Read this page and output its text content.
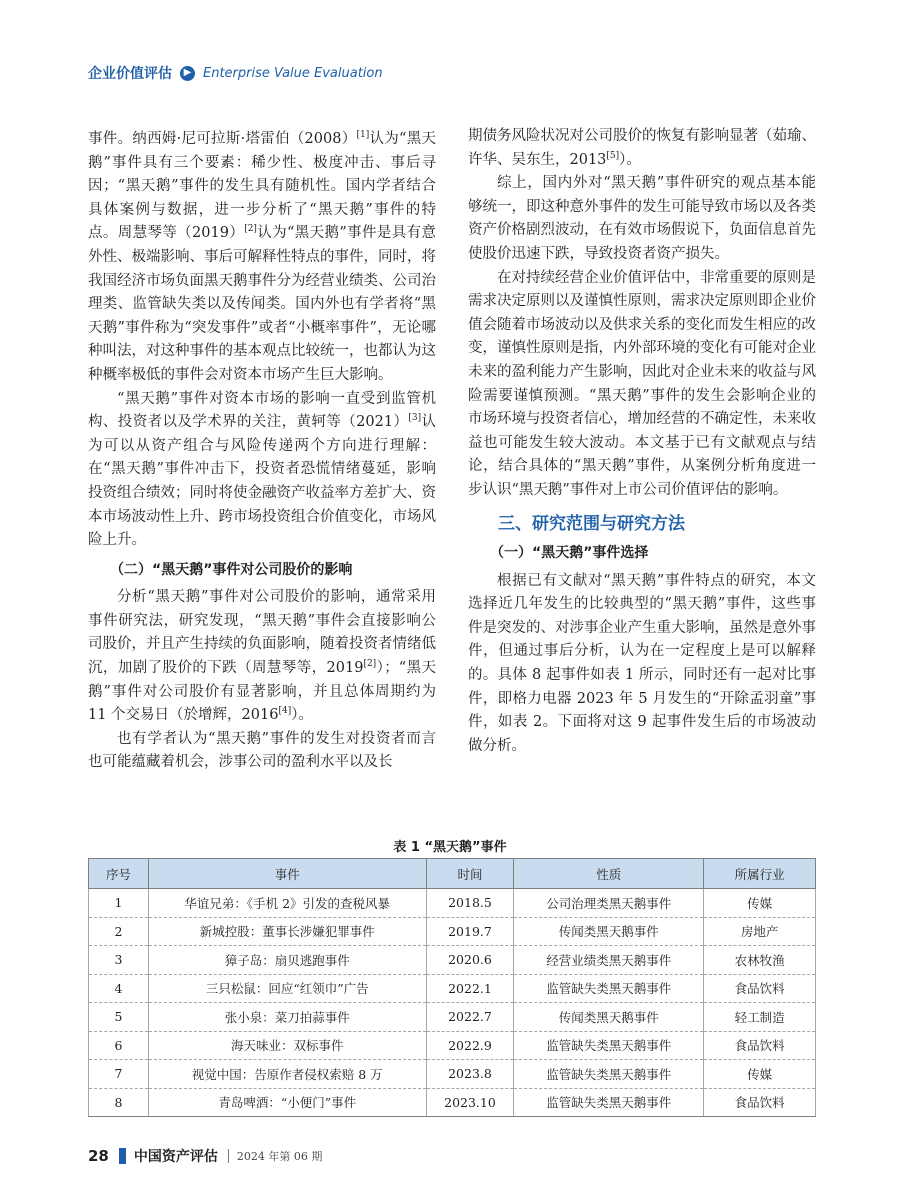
企业价值评估	▶ Enterprise Value Evaluation

事件。纳西姆·尼可拉斯·塔雷伯（2008）[1]认为“黑天鹅”事件具有三个要素：稀少性、极度冲击、事后寻因；“黑天鹅”事件的发生具有随机性。国内学者结合具体案例与数据，进一步分析了“黑天鹅”事件的特点。周慧琴等（2019）[2]认为“黑天鹅”事件是具有意外性、极端影响、事后可解释性特点的事件，同时，将我国经济市场负面黑天鹅事件分为经营业绩类、公司治理类、监管缺失类以及传闻类。国内外也有学者将“黑天鹅”事件称为“突发事件”或者“小概率事件”，无论哪种叫法，对这种事件的基本观点比较统一，也都认为这种概率极低的事件会对资本市场产生巨大影响。

“黑天鹅”事件对资本市场的影响一直受到监管机构、投资者以及学术界的关注，黄轲等（2021）[3]认为可以从资产组合与风险传递两个方向进行理解：在“黑天鹅”事件冲击下，投资者恐慌情绪蔓延，影响投资组合绩效；同时将使金融资产收益率方差扩大、资本市场波动性上升、跨市场投资组合价值变化，市场风险上升。

（二）“黑天鹅”事件对公司股价的影响

分析“黑天鹅”事件对公司股价的影响，通常采用事件研究法，研究发现，“黑天鹅”事件会直接影响公司股价，并且产生持续的负面影响，随着投资者情绪低沉，加剧了股价的下跌（周慧琴等，2019[2]）；“黑天鹅”事件对公司股价有显著影响，并且总体周期约为 11 个交易日（於增辉，2016[4]）。

也有学者认为“黑天鹅”事件的发生对投资者而言也可能蕴藏着机会，涉事公司的盈利水平以及长

期债务风险状况对公司股价的恢复有影响显著（茹瑜、许华、吴东生，2013[5]）。

综上，国内外对“黑天鹅”事件研究的观点基本能够统一，即这种意外事件的发生可能导致市场以及各类资产价格剧烈波动，在有效市场假说下，负面信息首先使股价迅速下跌，导致投资者资产损失。

在对持续经营企业价值评估中，非常重要的原则是需求决定原则以及谨慎性原则，需求决定原则即企业价值会随着市场波动以及供求关系的变化而发生相应的改变，谨慎性原则是指，内外部环境的变化有可能对企业未来的盈利能力产生影响，因此对企业未来的收益与风险需要谨慎预测。“黑天鹅”事件的发生会影响企业的市场环境与投资者信心，增加经营的不确定性，未来收益也可能发生较大波动。本文基于已有文献观点与结论，结合具体的“黑天鹅”事件，从案例分析角度进一步认识“黑天鹅”事件对上市公司价值评估的影响。

三、研究范围与研究方法
（一）“黑天鹅”事件选择

根据已有文献对“黑天鹅”事件特点的研究，本文选择近几年发生的比较典型的“黑天鹅”事件，这些事件是突发的、对涉事企业产生重大影响，虽然是意外事件，但通过事后分析，认为在一定程度上是可以解释的。具体 8 起事件如表 1 所示，同时还有一起对比事件，即格力电器 2023 年 5 月发生的“开除孟羽童”事件，如表 2。下面将对这 9 起事件发生后的市场波动做分析。

表 1 “黑天鹅”事件
序号	事件	时间	性质	所属行业
1	华谊兄弟：《手机 2》引发的查税风暴	2018.5	公司治理类黑天鹅事件	传媒
2	新城控股：董事长涉嫌犯罪事件	2019.7	传闻类黑天鹅事件	房地产
3	獐子岛：扇贝逃跑事件	2020.6	经营业绩类黑天鹅事件	农林牧渔
4	三只松鼠：回应“红领巾”广告	2022.1	监管缺失类黑天鹅事件	食品饮料
5	张小泉：菜刀拍蒜事件	2022.7	传闻类黑天鹅事件	轻工制造
6	海天味业：双标事件	2022.9	监管缺失类黑天鹅事件	食品饮料
7	视觉中国：告原作者侵权索赔 8 万	2023.8	监管缺失类黑天鹅事件	传媒
8	青岛啤酒：“小便门”事件	2023.10	监管缺失类黑天鹅事件	食品饮料
28 中国资产评估 2024 年第 06 期
